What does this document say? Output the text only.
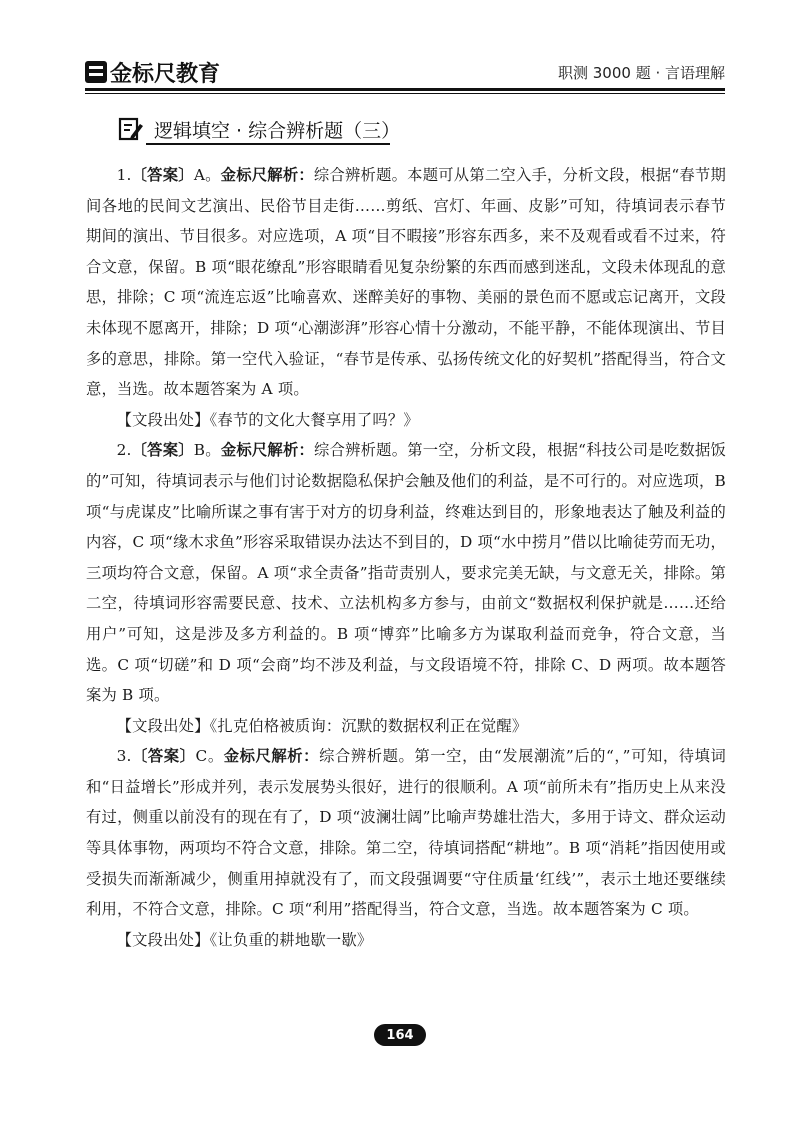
金标尺教育	职测 3000 题 · 言语理解
逻辑填空 · 综合辨析题（三）

1.〔答案〕A。金标尺解析：综合辨析题。本题可从第二空入手，分析文段，根据“春节期间各地的民间文艺演出、民俗节目走街……剪纸、宫灯、年画、皮影”可知，待填词表示春节期间的演出、节目很多。对应选项，A 项“目不暇接”形容东西多，来不及观看或看不过来，符合文意，保留。B 项“眼花缭乱”形容眼睛看见复杂纷繁的东西而感到迷乱，文段未体现乱的意思，排除；C 项“流连忘返”比喻喜欢、迷醉美好的事物、美丽的景色而不愿或忘记离开，文段未体现不愿离开，排除；D 项“心潮澎湃”形容心情十分激动，不能平静，不能体现演出、节目多的意思，排除。第一空代入验证，“春节是传承、弘扬传统文化的好契机”搭配得当，符合文意，当选。故本题答案为 A 项。

【文段出处】《春节的文化大餐享用了吗？》

2.〔答案〕B。金标尺解析：综合辨析题。第一空，分析文段，根据“科技公司是吃数据饭的”可知，待填词表示与他们讨论数据隐私保护会触及他们的利益，是不可行的。对应选项，B 项“与虎谋皮”比喻所谋之事有害于对方的切身利益，终难达到目的，形象地表达了触及利益的内容，C 项“缘木求鱼”形容采取错误办法达不到目的，D 项“水中捞月”借以比喻徒劳而无功，三项均符合文意，保留。A 项“求全责备”指苛责别人，要求完美无缺，与文意无关，排除。第二空，待填词形容需要民意、技术、立法机构多方参与，由前文“数据权利保护就是……还给用户”可知，这是涉及多方利益的。B 项“博弈”比喻多方为谋取利益而竞争，符合文意，当选。C 项“切磋”和 D 项“会商”均不涉及利益，与文段语境不符，排除 C、D 两项。故本题答案为 B 项。

【文段出处】《扎克伯格被质询：沉默的数据权利正在觉醒》

3.〔答案〕C。金标尺解析：综合辨析题。第一空，由“发展潮流”后的“，”可知，待填词和“日益增长”形成并列，表示发展势头很好，进行的很顺利。A 项“前所未有”指历史上从来没有过，侧重以前没有的现在有了，D 项“波澜壮阔”比喻声势雄壮浩大，多用于诗文、群众运动等具体事物，两项均不符合文意，排除。第二空，待填词搭配“耕地”。B 项“消耗”指因使用或受损失而渐渐减少，侧重用掉就没有了，而文段强调要“守住质量‘红线’”，表示土地还要继续利用，不符合文意，排除。C 项“利用”搭配得当，符合文意，当选。故本题答案为 C 项。

【文段出处】《让负重的耕地歇一歇》

164
